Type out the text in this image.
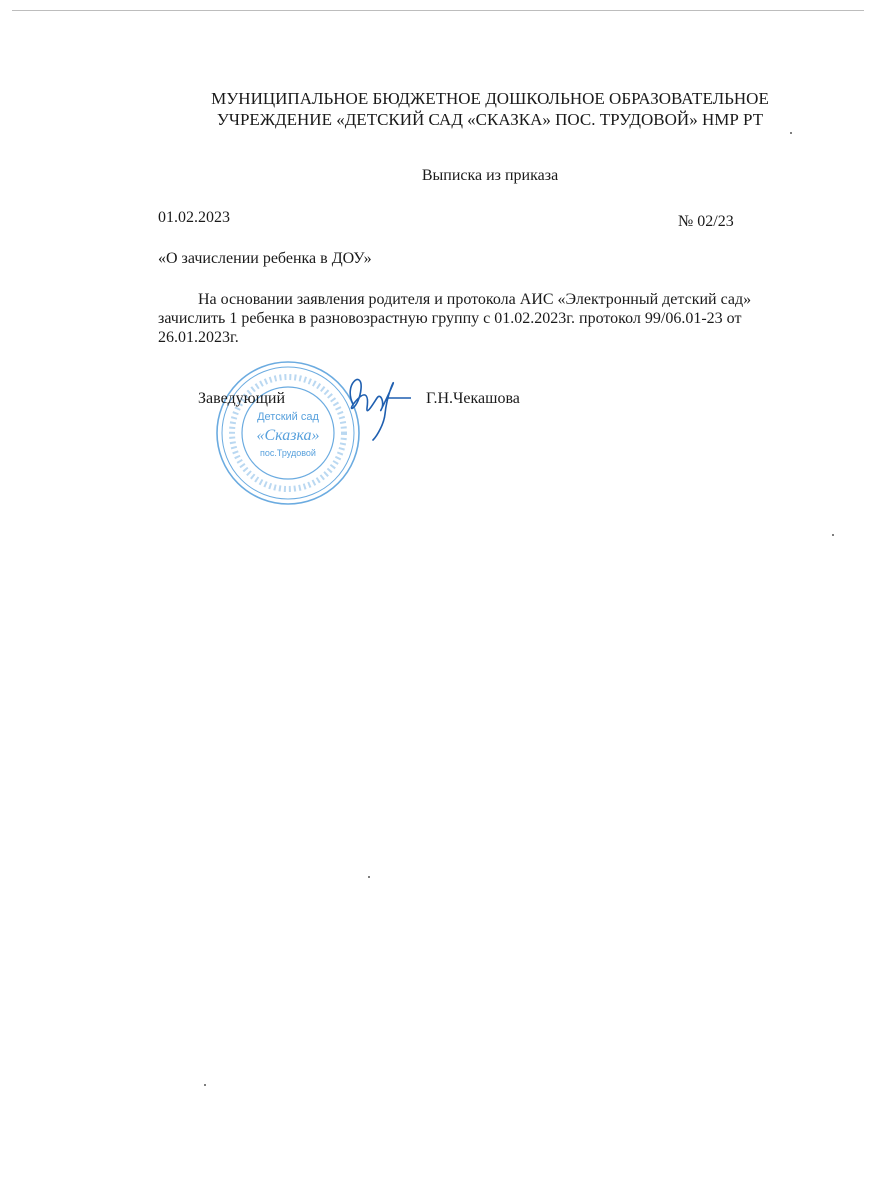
МУНИЦИПАЛЬНОЕ БЮДЖЕТНОЕ ДОШКОЛЬНОЕ ОБРАЗОВАТЕЛЬНОЕ
УЧРЕЖДЕНИЕ «ДЕТСКИЙ САД «СКАЗКА» ПОС. ТРУДОВОЙ» НМР РТ
Выписка из приказа
01.02.2023	№ 02/23
«О зачислении ребенка в ДОУ»
На основании заявления родителя и протокола АИС «Электронный детский сад» зачислить 1 ребенка в разновозрастную группу с 01.02.2023г. протокол 99/06.01-23 от 26.01.2023г.
Детский сад
«Сказка»
пос.Трудовой
Заведующий	Г.Н.Чекашова
